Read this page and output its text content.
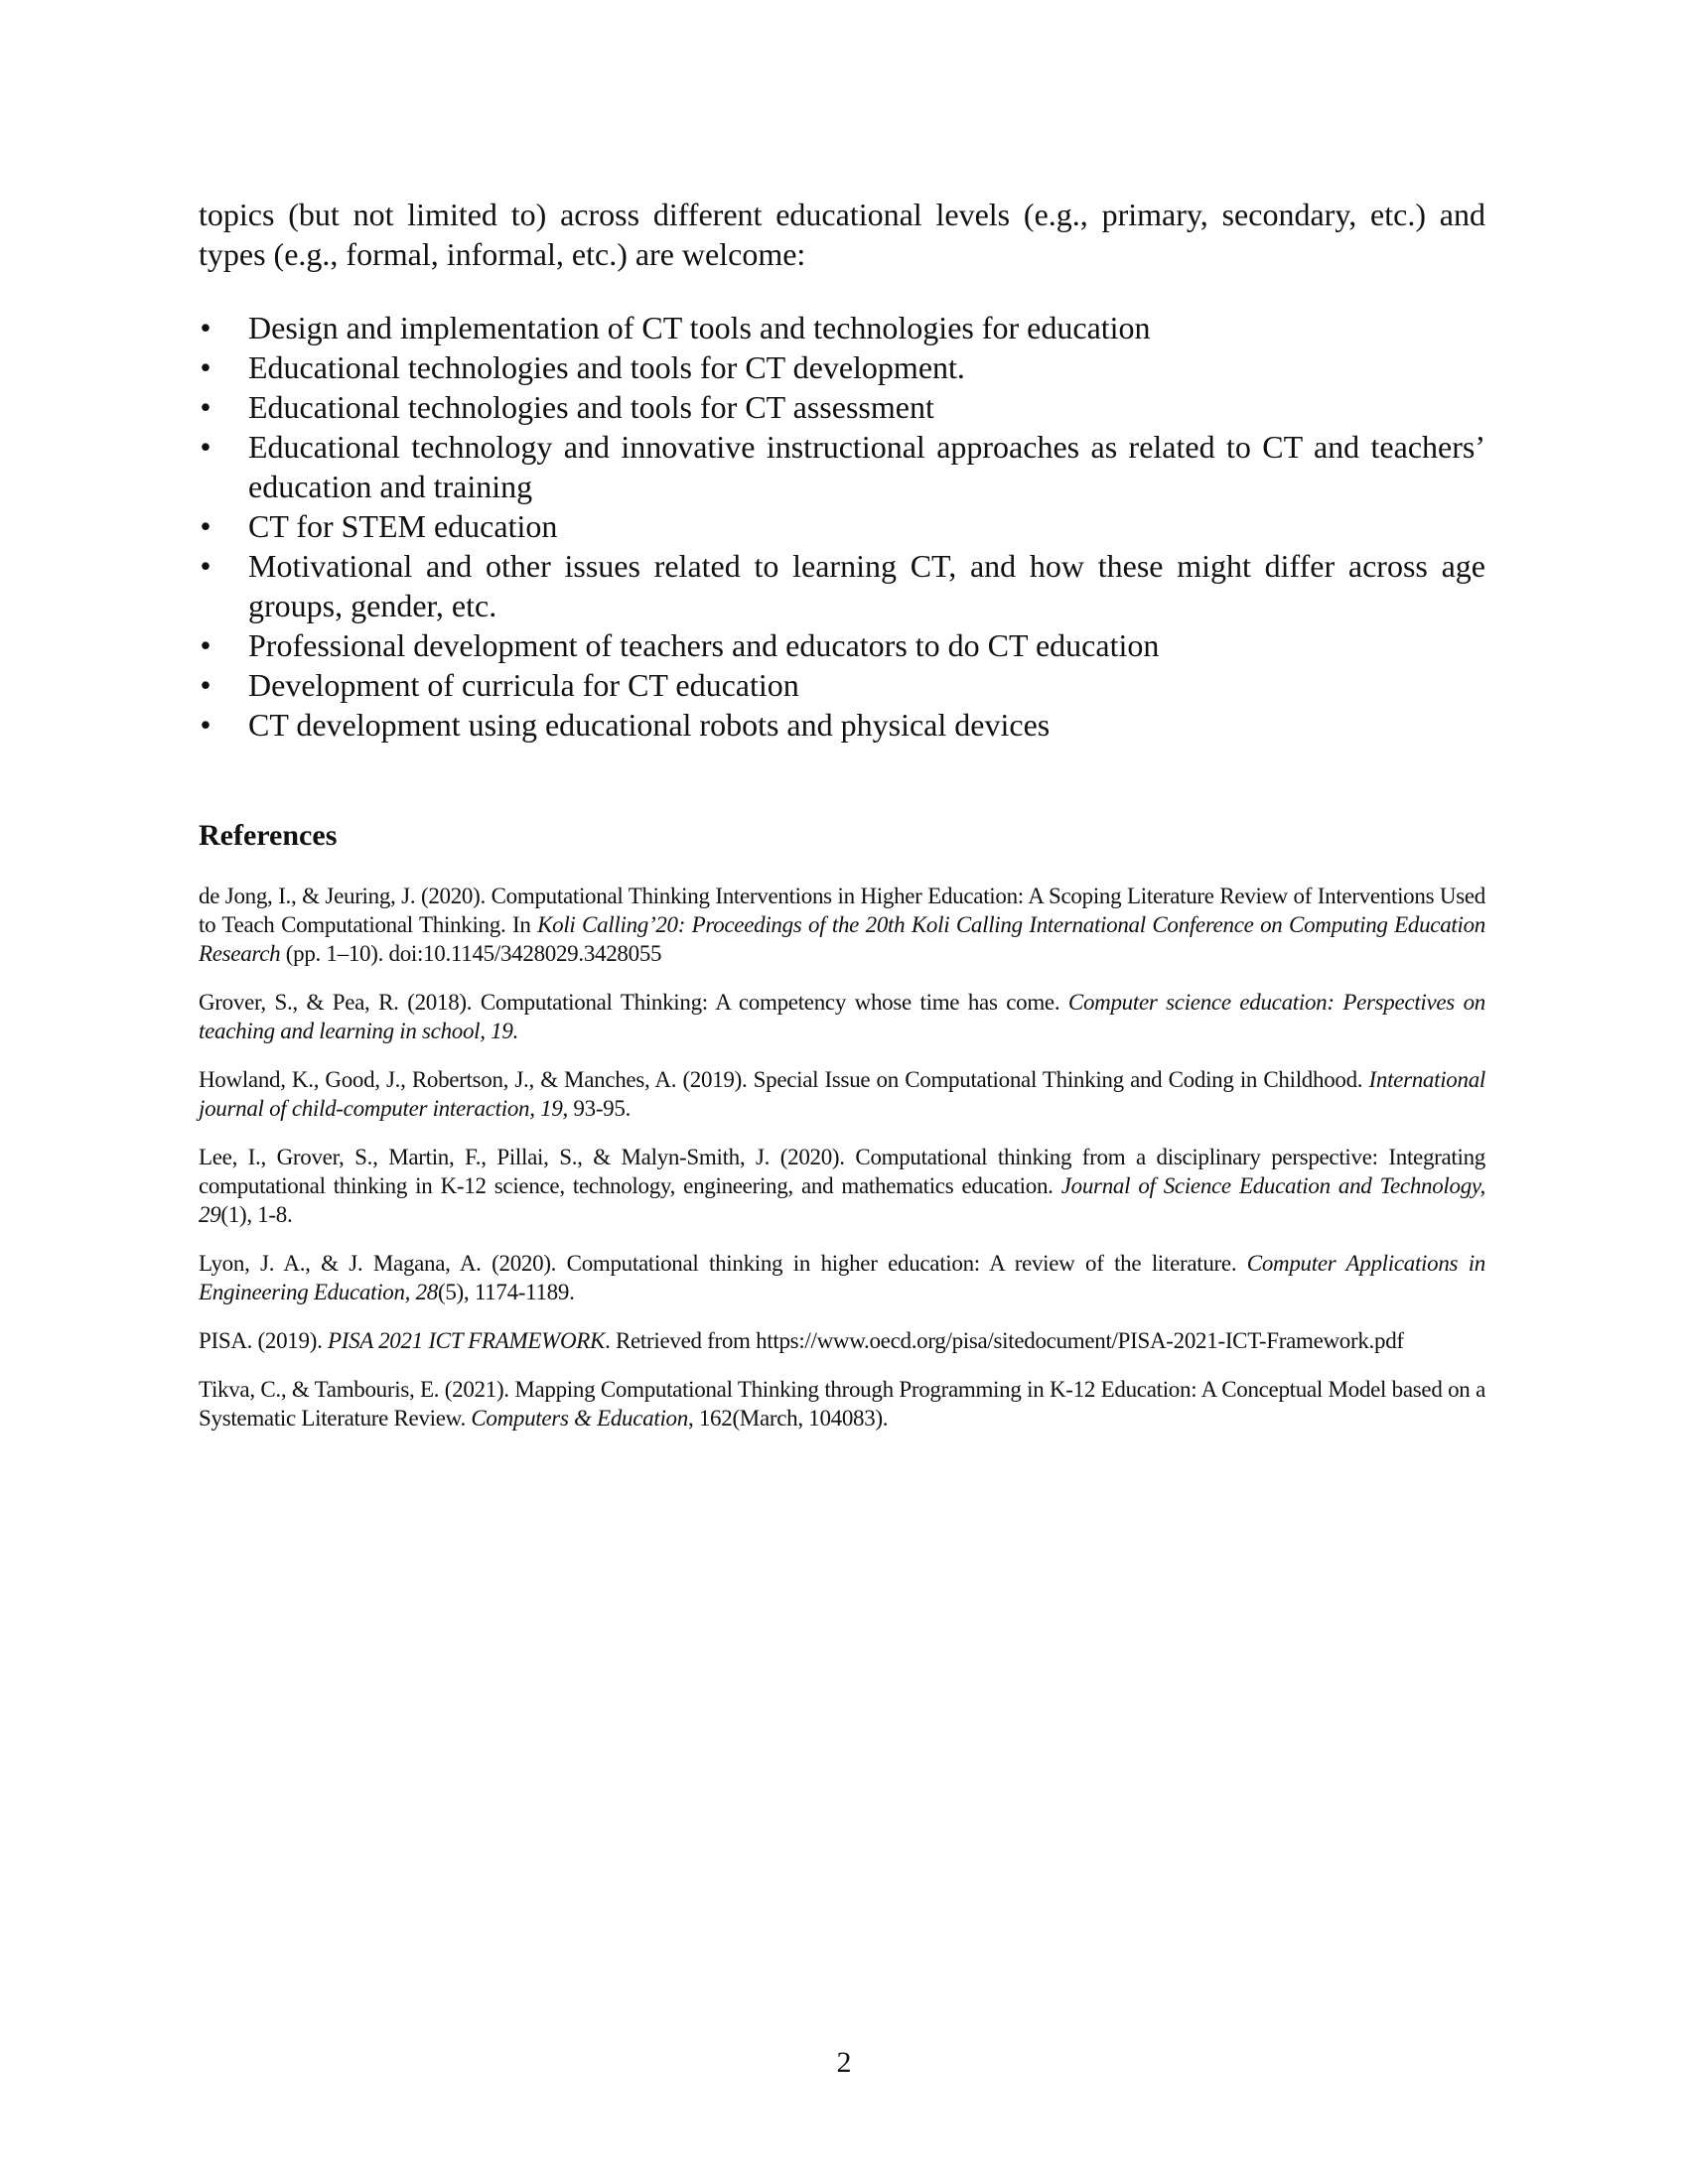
topics (but not limited to) across different educational levels (e.g., primary, secondary, etc.) and
types (e.g., formal, informal, etc.) are welcome:

• Design and implementation of CT tools and technologies for education
• Educational technologies and tools for CT development.
• Educational technologies and tools for CT assessment
• Educational technology and innovative instructional approaches as related to CT and teachers’ education and training
• CT for STEM education
• Motivational and other issues related to learning CT, and how these might differ across age groups, gender, etc.
• Professional development of teachers and educators to do CT education
• Development of curricula for CT education
• CT development using educational robots and physical devices
References

de Jong, I., & Jeuring, J. (2020). Computational Thinking Interventions in Higher Education: A Scoping Literature Review of Interventions Used to Teach Computational Thinking. In Koli Calling’20: Proceedings of the 20th Koli Calling International Conference on Computing Education Research (pp. 1–10). doi:10.1145/3428029.3428055

Grover, S., & Pea, R. (2018). Computational Thinking: A competency whose time has come. Computer science education: Perspectives on teaching and learning in school, 19.

Howland, K., Good, J., Robertson, J., & Manches, A. (2019). Special Issue on Computational Thinking and Coding in Childhood. International journal of child-computer interaction, 19, 93-95.

Lee, I., Grover, S., Martin, F., Pillai, S., & Malyn-Smith, J. (2020). Computational thinking from a disciplinary perspective: Integrating computational thinking in K-12 science, technology, engineering, and mathematics education. Journal of Science Education and Technology, 29(1), 1-8.

Lyon, J. A., & J. Magana, A. (2020). Computational thinking in higher education: A review of the literature. Computer Applications in Engineering Education, 28(5), 1174-1189.

PISA. (2019). PISA 2021 ICT FRAMEWORK. Retrieved from https://www.oecd.org/pisa/sitedocument/PISA-2021-ICT-Framework.pdf

Tikva, C., & Tambouris, E. (2021). Mapping Computational Thinking through Programming in K-12 Education: A Conceptual Model based on a Systematic Literature Review. Computers & Education, 162(March, 104083).

2
